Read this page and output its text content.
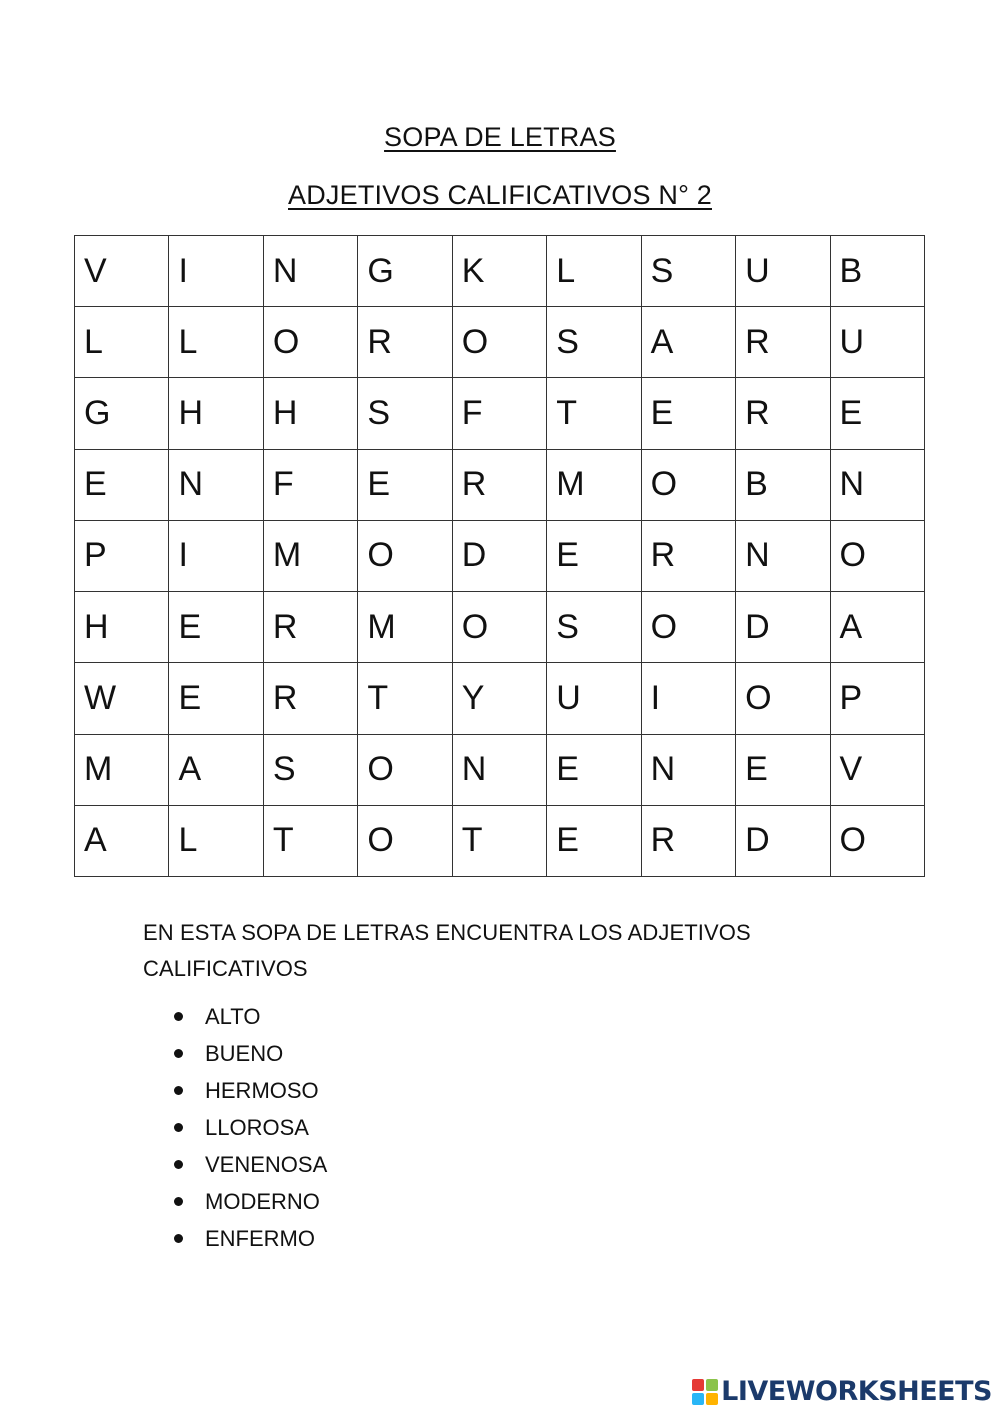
SOPA DE LETRAS
ADJETIVOS CALIFICATIVOS N° 2
V	I	N	G	K	L	S	U	B
L	L	O	R	O	S	A	R	U
G	H	H	S	F	T	E	R	E
E	N	F	E	R	M	O	B	N
P	I	M	O	D	E	R	N	O
H	E	R	M	O	S	O	D	A
W	E	R	T	Y	U	I	O	P
M	A	S	O	N	E	N	E	V
A	L	T	O	T	E	R	D	O
EN ESTA SOPA DE LETRAS ENCUENTRA LOS ADJETIVOS
CALIFICATIVOS
ALTO
BUENO
HERMOSO
LLOROSA
VENENOSA
MODERNO
ENFERMO
LIVEWORKSHEETS
